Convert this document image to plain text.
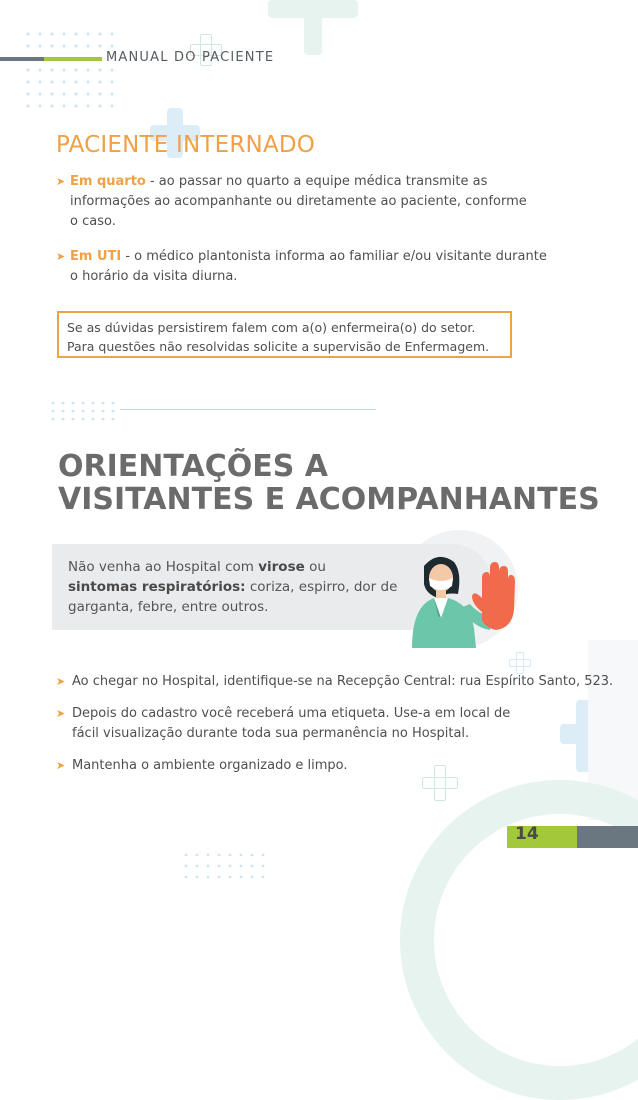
MANUAL DO PACIENTE
PACIENTE INTERNADO
➤ Em quarto - ao passar no quarto a equipe médica transmite as
informações ao acompanhante ou diretamente ao paciente, conforme
o caso.
➤ Em UTI - o médico plantonista informa ao familiar e/ou visitante durante
o horário da visita diurna.
Se as dúvidas persistirem falem com a(o) enfermeira(o) do setor.
Para questões não resolvidas solicite a supervisão de Enfermagem.
ORIENTAÇÕES A
VISITANTES E ACOMPANHANTES
Não venha ao Hospital com virose ou
sintomas respiratórios: coriza, espirro, dor de
garganta, febre, entre outros.
➤ Ao chegar no Hospital, identifique-se na Recepção Central: rua Espírito Santo, 523.
➤ Depois do cadastro você receberá uma etiqueta. Use-a em local de
fácil visualização durante toda sua permanência no Hospital.
➤ Mantenha o ambiente organizado e limpo.
14
